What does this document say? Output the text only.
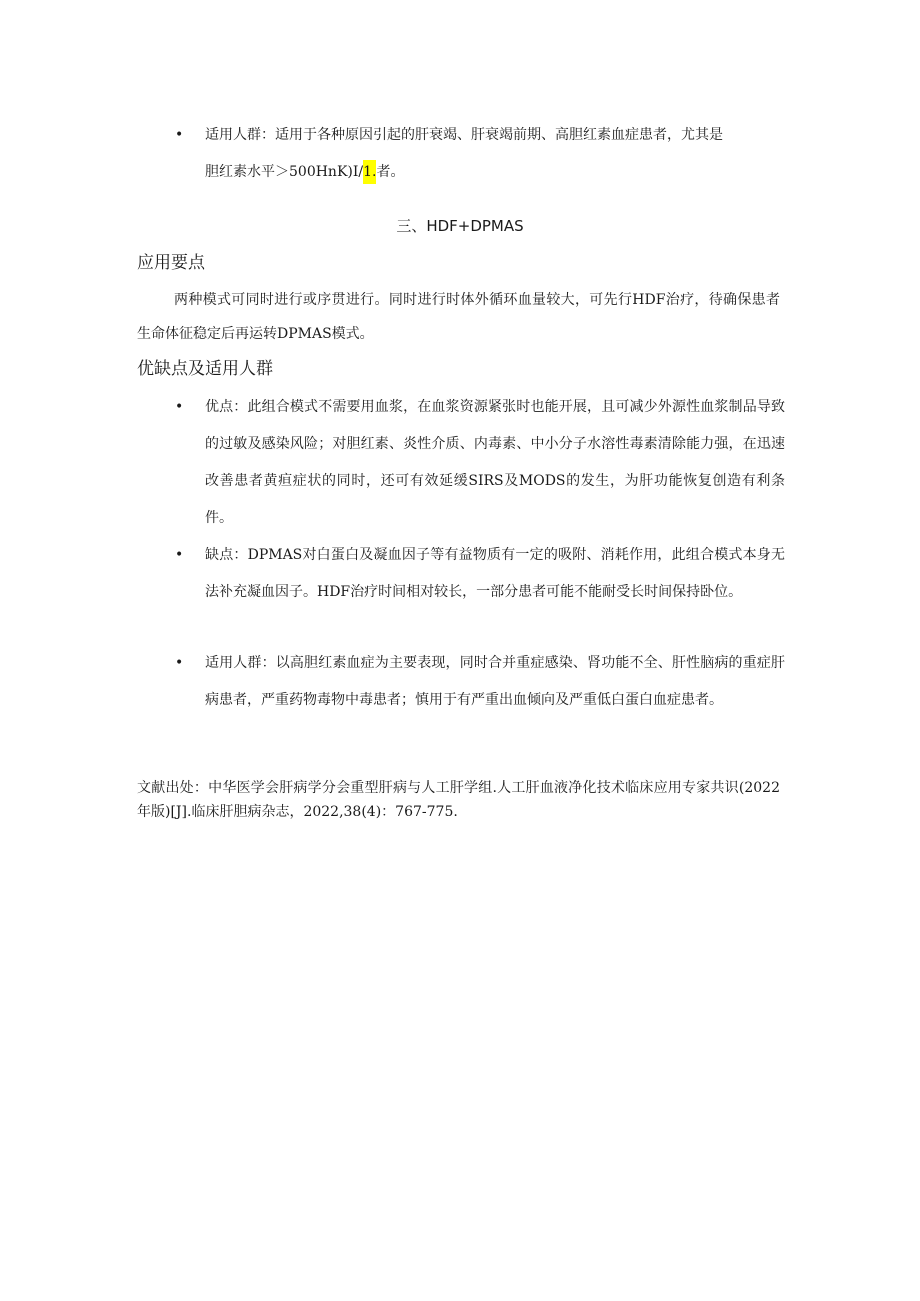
• 适用人群：适用于各种原因引起的肝衰竭、肝衰竭前期、高胆红素血症患者，尤其是
胆红素水平＞500HnK)I/1.者。
三、HDF+DPMAS
应用要点
两种模式可同时进行或序贯进行。同时进行时体外循环血量较大，可先行HDF治疗，待确保患者生命体征稳定后再运转DPMAS模式。
优缺点及适用人群
• 优点：此组合模式不需要用血浆，在血浆资源紧张时也能开展，且可减少外源性血浆制品导致的过敏及感染风险；对胆红素、炎性介质、内毒素、中小分子水溶性毒素清除能力强，在迅速改善患者黄疸症状的同时，还可有效延缓SIRS及MODS的发生，为肝功能恢复创造有利条件。
• 缺点：DPMAS对白蛋白及凝血因子等有益物质有一定的吸附、消耗作用，此组合模式本身无法补充凝血因子。HDF治疗时间相对较长，一部分患者可能不能耐受长时间保持卧位。
• 适用人群：以高胆红素血症为主要表现，同时合并重症感染、肾功能不全、肝性脑病的重症肝病患者，严重药物毒物中毒患者；慎用于有严重出血倾向及严重低白蛋白血症患者。
文献出处：中华医学会肝病学分会重型肝病与人工肝学组.人工肝血液净化技术临床应用专家共识(2022年版)[J].临床肝胆病杂志，2022,38(4)：767-775.
